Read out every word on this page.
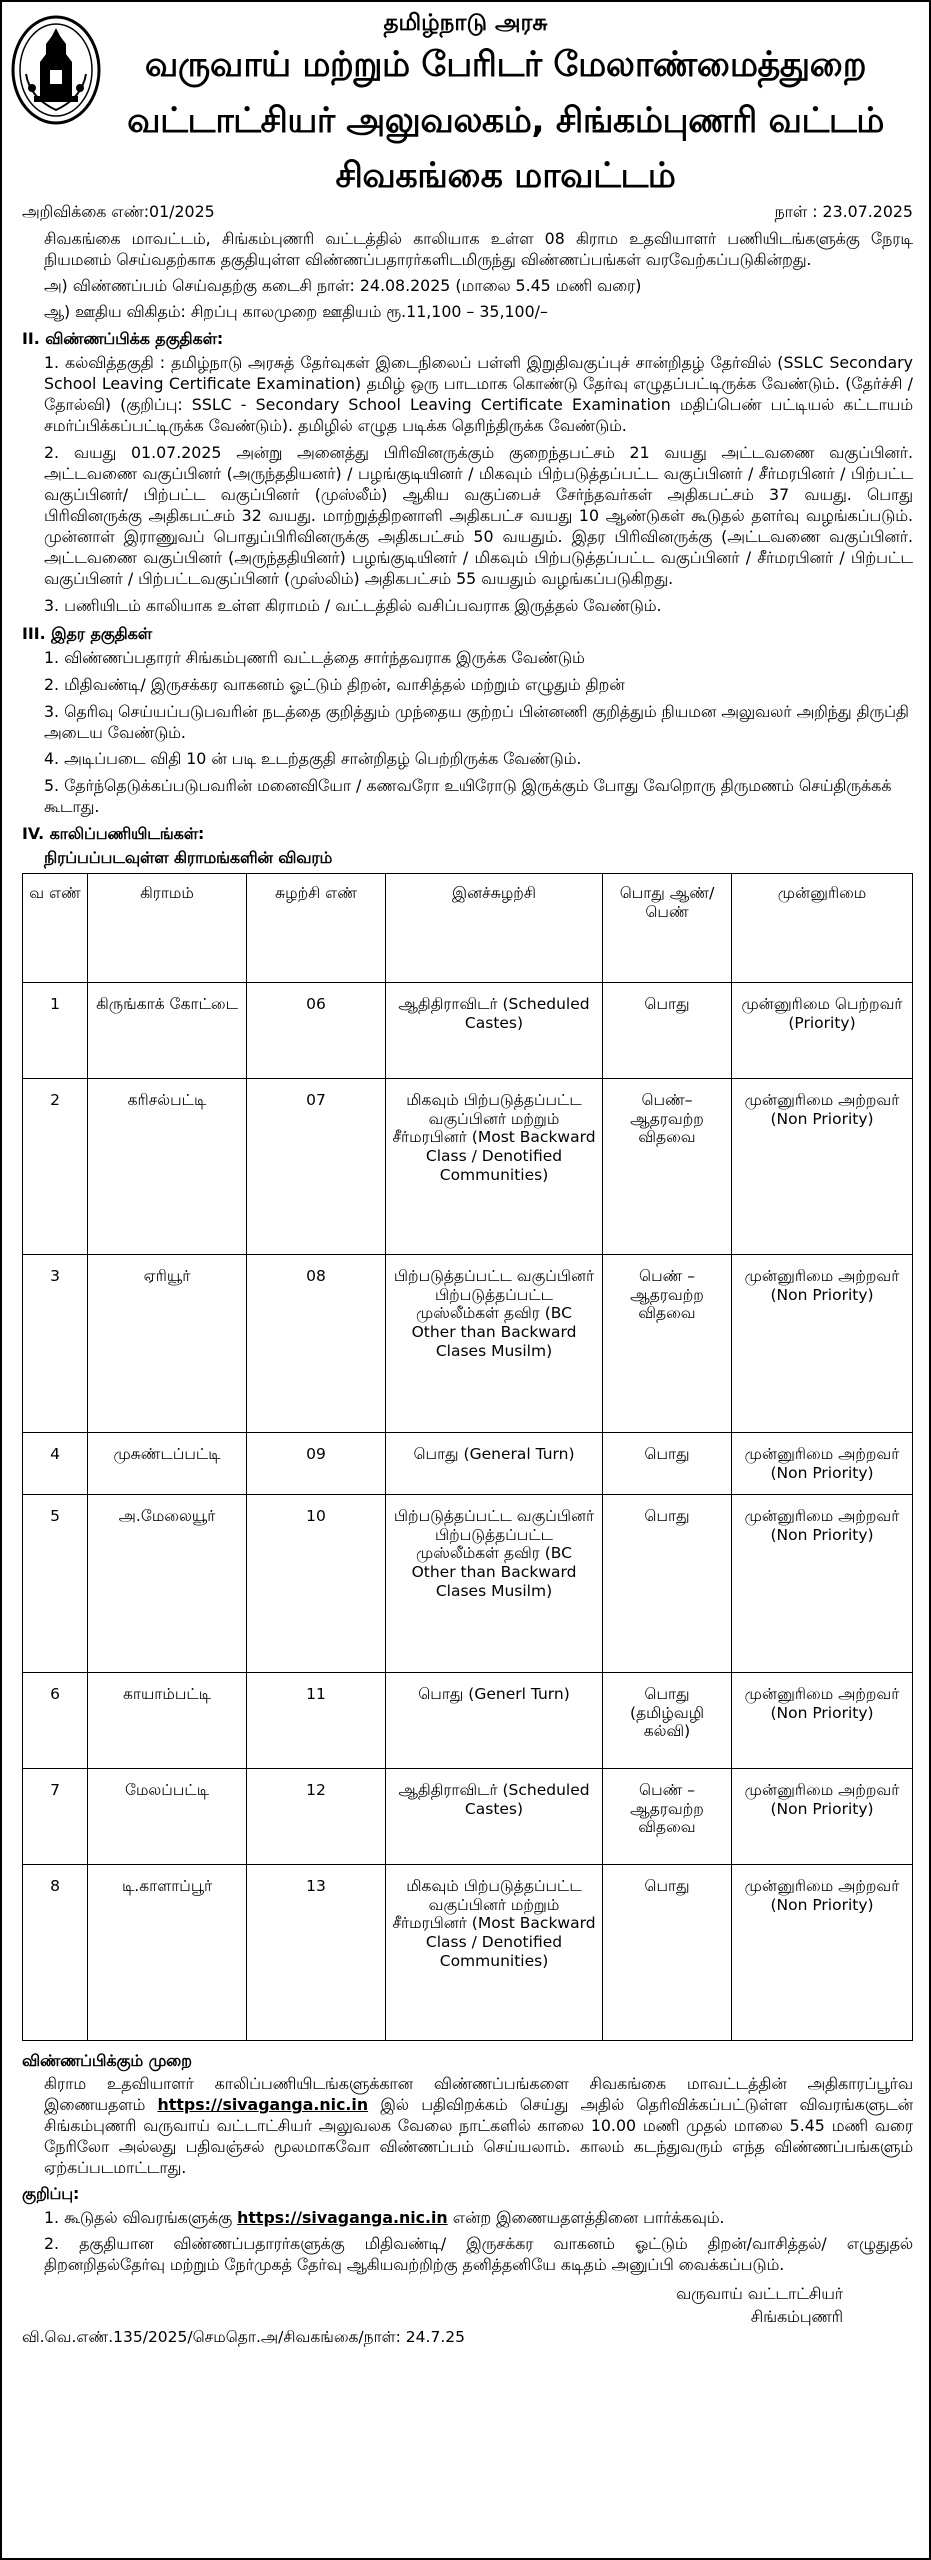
தமிழ்நாடு அரசு
வருவாய் மற்றும் பேரிடர் மேலாண்மைத்துறை
வட்டாட்சியர் அலுவலகம், சிங்கம்புணரி வட்டம்
சிவகங்கை மாவட்டம்
அறிவிக்கை எண்:01/2025	நாள் : 23.07.2025

சிவகங்கை மாவட்டம், சிங்கம்புணரி வட்டத்தில் காலியாக உள்ள 08 கிராம உதவியாளர் பணியிடங்களுக்கு நேரடி நியமனம் செய்வதற்காக தகுதியுள்ள விண்ணப்பதாரர்களிடமிருந்து விண்ணப்பங்கள் வரவேற்கப்படுகின்றது.

அ) விண்ணப்பம் செய்வதற்கு கடைசி நாள்: 24.08.2025 (மாலை 5.45 மணி வரை)
ஆ) ஊதிய விகிதம்: சிறப்பு காலமுறை ஊதியம் ரூ.11,100 – 35,100/–
II. விண்ணப்பிக்க தகுதிகள்:
1. கல்வித்தகுதி : தமிழ்நாடு அரசுத் தேர்வுகள் இடைநிலைப் பள்ளி இறுதிவகுப்புச் சான்றிதழ் தேர்வில் (SSLC Secondary School Leaving Certificate Examination) தமிழ் ஒரு பாடமாக கொண்டு தேர்வு எழுதப்பட்டிருக்க வேண்டும். (தேர்ச்சி / தோல்வி) (குறிப்பு: SSLC - Secondary School Leaving Certificate Examination மதிப்பெண் பட்டியல் கட்டாயம் சமர்ப்பிக்கப்பட்டிருக்க வேண்டும்). தமிழில் எழுத படிக்க தெரிந்திருக்க வேண்டும்.
2. வயது 01.07.2025 அன்று அனைத்து பிரிவினருக்கும் குறைந்தபட்சம் 21 வயது அட்டவணை வகுப்பினர். அட்டவணை வகுப்பினர் (அருந்ததியனர்) / பழங்குடியினர் / மிகவும் பிற்படுத்தப்பட்ட வகுப்பினர் / சீர்மரபினர் / பிற்பட்ட வகுப்பினர்/ பிற்பட்ட வகுப்பினர் (முஸ்லீம்) ஆகிய வகுப்பைச் சேர்ந்தவர்கள் அதிகபட்சம் 37 வயது. பொது பிரிவினருக்கு அதிகபட்சம் 32 வயது. மாற்றுத்திறனாளி அதிகபட்ச வயது 10 ஆண்டுகள் கூடுதல் தளர்வு வழங்கப்படும். முன்னாள் இராணுவப் பொதுப்பிரிவினருக்கு அதிகபட்சம் 50 வயதும். இதர பிரிவினருக்கு (அட்டவணை வகுப்பினர். அட்டவணை வகுப்பினர் (அருந்ததியினர்) பழங்குடியினர் / மிகவும் பிற்படுத்தப்பட்ட வகுப்பினர் / சீர்மரபினர் / பிற்பட்ட வகுப்பினர் / பிற்பட்டவகுப்பினர் (முஸ்லிம்) அதிகபட்சம் 55 வயதும் வழங்கப்படுகிறது.
3. பணியிடம் காலியாக உள்ள கிராமம் / வட்டத்தில் வசிப்பவராக இருத்தல் வேண்டும்.
III. இதர தகுதிகள்
1. விண்ணப்பதாரர் சிங்கம்புணரி வட்டத்தை சார்ந்தவராக இருக்க வேண்டும்
2. மிதிவண்டி/ இருசக்கர வாகனம் ஓட்டும் திறன், வாசித்தல் மற்றும் எழுதும் திறன்
3. தெரிவு செய்யப்படுபவரின் நடத்தை குறித்தும் முந்தைய குற்றப் பின்னணி குறித்தும் நியமன அலுவலர் அறிந்து திருப்தி அடைய வேண்டும்.
4. அடிப்படை விதி 10 ன் படி உடற்தகுதி சான்றிதழ் பெற்றிருக்க வேண்டும்.
5. தேர்ந்தெடுக்கப்படுபவரின் மனைவியோ / கணவரோ உயிரோடு இருக்கும் போது வேறொரு திருமணம் செய்திருக்கக் கூடாது.
IV. காலிப்பணியிடங்கள்:
நிரப்பப்படவுள்ள கிராமங்களின் விவரம்
வ எண்	கிராமம்	சுழற்சி எண்	இனச்சுழற்சி	பொது ஆண்/ பெண்	முன்னுரிமை
1	கிருங்காக் கோட்டை	06	ஆதிதிராவிடர் (Scheduled Castes)	பொது	முன்னுரிமை பெற்றவர் (Priority)
2	கரிசல்பட்டி	07	மிகவும் பிற்படுத்தப்பட்ட வகுப்பினர் மற்றும் சீர்மரபினர் (Most Backward Class / Denotified Communities)	பெண்– ஆதரவற்ற விதவை	முன்னுரிமை அற்றவர் (Non Priority)
3	ஏரியூர்	08	பிற்படுத்தப்பட்ட வகுப்பினர் பிற்படுத்தப்பட்ட முஸ்லீம்கள் தவிர (BC Other than Backward Clases Musilm)	பெண் – ஆதரவற்ற விதவை	முன்னுரிமை அற்றவர் (Non Priority)
4	முசுண்டப்பட்டி	09	பொது (General Turn)	பொது	முன்னுரிமை அற்றவர் (Non Priority)
5	அ.மேலையூர்	10	பிற்படுத்தப்பட்ட வகுப்பினர் பிற்படுத்தப்பட்ட முஸ்லீம்கள் தவிர (BC Other than Backward Clases Musilm)	பொது	முன்னுரிமை அற்றவர் (Non Priority)
6	காயாம்பட்டி	11	பொது (Generl Turn)	பொது (தமிழ்வழி கல்வி)	முன்னுரிமை அற்றவர் (Non Priority)
7	மேலப்பட்டி	12	ஆதிதிராவிடர் (Scheduled Castes)	பெண் – ஆதரவற்ற விதவை	முன்னுரிமை அற்றவர் (Non Priority)
8	டி.காளாப்பூர்	13	மிகவும் பிற்படுத்தப்பட்ட வகுப்பினர் மற்றும் சீர்மரபினர் (Most Backward Class / Denotified Communities)	பொது	முன்னுரிமை அற்றவர் (Non Priority)
விண்ணப்பிக்கும் முறை

கிராம உதவியாளர் காலிப்பணியிடங்களுக்கான விண்ணப்பங்களை சிவகங்கை மாவட்டத்தின் அதிகாரப்பூர்வ இணையதளம் https://sivaganga.nic.in இல் பதிவிறக்கம் செய்து அதில் தெரிவிக்கப்பட்டுள்ள விவரங்களுடன் சிங்கம்புணரி வருவாய் வட்டாட்சியர் அலுவலக வேலை நாட்களில் காலை 10.00 மணி முதல் மாலை 5.45 மணி வரை நேரிலோ அல்லது பதிவஞ்சல் மூலமாகவோ விண்ணப்பம் செய்யலாம். காலம் கடந்துவரும் எந்த விண்ணப்பங்களும் ஏற்கப்படமாட்டாது.

குறிப்பு:
1. கூடுதல் விவரங்களுக்கு https://sivaganga.nic.in என்ற இணையதளத்தினை பார்க்கவும்.
2. தகுதியான விண்ணப்பதாரர்களுக்கு மிதிவண்டி/ இருசக்கர வாகனம் ஓட்டும் திறன்/வாசித்தல்/ எழுதுதல் திறனறிதல்தேர்வு மற்றும் நேர்முகத் தேர்வு ஆகியவற்றிற்கு தனித்தனியே கடிதம் அனுப்பி வைக்கப்படும்.
வருவாய் வட்டாட்சியர்
சிங்கம்புணரி
வி.வெ.எண்.135/2025/செமதொ.அ/சிவகங்கை/நாள்: 24.7.25
